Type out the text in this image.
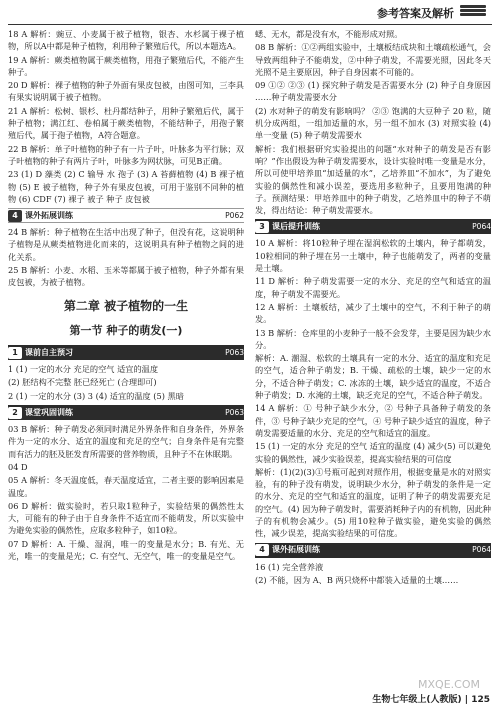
参考答案及解析

18 A 解析：豌豆、小麦属于被子植物，银杏、水杉属于裸子植物，所以A中都是种子植物，利用种子繁殖后代，所以本题选A。

19 A 解析：蕨类植物属于蕨类植物，用孢子繁殖后代，不能产生种子。

20 D 解析：裸子植物的种子外面有果皮包被，由图可知，三李具有果实说明属于被子植物。

21 A 解析：松树、银杉、杜丹都结种子，用种子繁殖后代，属于种子植物；满江红、卷柏属于蕨类植物，不能结种子，用孢子繁殖后代，属于孢子植物，A符合题意。

22 B 解析：单子叶植物的种子有一片子叶，叶脉多为平行脉；双子叶植物的种子有两片子叶，叶脉多为网状脉，可见B正确。

23 (1) D 藻类 (2) C 输导 水 孢子 (3) A 苔藓植物 (4) B 裸子植物 (5) E 被子植物，种子外有果皮包被，可用于鉴别不同种的植物 (6) CDF (7) 裸子 被子 种子 皮包被

4 课外拓展训练	P062

24 B 解析：种子植物在生活中出现了种子，但没有花，这说明种子植物是从蕨类植物进化而来的，这说明具有种子植物之间的进化关系。

25 B 解析：小麦、水稻、玉米等都属于被子植物，种子外都有果皮包被，为被子植物。

第二章 被子植物的一生
第一节 种子的萌发(一)
1 课前自主预习	P063

1 (1) 一定的水分 充足的空气 适宜的温度

(2) 胚结构不完整 胚已经死亡 (合理即可)

2 (1) 一定的水分 (3) 3 (4) 适宜的温度 (5) 黑暗

2 课堂巩固训练	P063

03 B 解析：种子萌发必须同时满足外界条件和自身条件，外界条件为一定的水分、适宜的温度和充足的空气；自身条件是有完整而有活力的胚及胚发育所需要的营养物质，且种子不在休眠期。

04 D

05 A 解析：冬天温度低，春天温度适宜，二者主要的影响因素是温度。

06 D 解析：做实验时，若只取1粒种子，实验结果的偶然性太大，可能有的种子由于自身条件不适宜而不能萌发，所以实验中为避免实验的偶然性，应取多粒种子，如10粒。

07 D 解析：A. 干燥、湿润，唯一的变量是水分；B. 有光、无光，唯一的变量是光；C. 有空气、无空气，唯一的变量是空气。

蟋、无水，都是没有水，不能形成对照。

08 B 解析：①②两组实验中，土壤板结成块和土壤疏松通气，会导致两组种子不能萌发，②中种子萌发，不需要光照，因此冬天光照不是主要原因，种子自身因素不可能的。

09 ①② ②③ (1) 探究种子萌发是否需要水分 (2) 种子自身原因 ……种子萌发需要水分

(2) 水对种子的萌发有影响吗？ ②③ 饱满的大豆种子 20 粒，随机分成两组，一组加适量的水，另一组不加水 (3) 对照实验 (4) 单一变量 (5) 种子萌发需要水

解析：我们根据研究实验提出的问题“水对种子的萌发是否有影响？”作出假设为种子萌发需要水，设计实验时唯一变量是水分，所以可使甲培养皿“加适量的水”，乙培养皿“不加水”，为了避免实验的偶然性和减小误差，要选用多粒种子，且要用饱满的种子。预测结果：甲培养皿中的种子萌发，乙培养皿中的种子不萌发，得出结论：种子萌发需要水。

3 课后提升训练	P064

10 A 解析：将10粒种子埋在湿润松软的土壤内，种子都萌发，10粒相同的种子埋在另一土壤中，种子也能萌发了，两者的变量是土壤。

11 D 解析：种子萌发需要一定的水分、充足的空气和适宜的温度，种子萌发不需要光。

12 A 解析：土壤板结，减少了土壤中的空气，不利于种子的萌发。

13 B 解析：仓库里的小麦种子一般不会发芽，主要是因为缺少水分。

解析：A. 潮湿、松软的土壤具有一定的水分、适宜的温度和充足的空气，适合种子萌发；B. 干燥、疏松的土壤，缺少一定的水分，不适合种子萌发；C. 冰冻的土壤，缺少适宜的温度，不适合种子萌发；D. 水淹的土壤，缺乏充足的空气，不适合种子萌发。

14 A 解析：① 号种子缺少水分，② 号种子具备种子萌发的条件，③ 号种子缺少充足的空气，④ 号种子缺少适宜的温度，种子萌发需要适量的水分、充足的空气和适宜的温度。

15 (1) 一定的水分 充足的空气 适宜的温度 (4) 减少(5) 可以避免实验的偶然性，减少实验误差，提高实验结果的可信度

解析：(1)(2)(3)①号瓶可起到对照作用，根据变量是水的对照实验，有的种子没有萌发，说明缺少水分，种子萌发的条件是一定的水分、充足的空气和适宜的温度，证明了种子的萌发需要充足的空气。(4) 因为种子萌发时，需要消耗种子内的有机物，因此种子的有机物会减少。(5) 用10粒种子做实验，避免实验的偶然性，减少误差，提高实验结果的可信度。

4 课外拓展训练	P064

16 (1) 完全营养液

(2) 不能，因为 A、B 两只烧杯中都装入适量的土壤……

MXQE.COM
生物七年级上(人教版) | 125
